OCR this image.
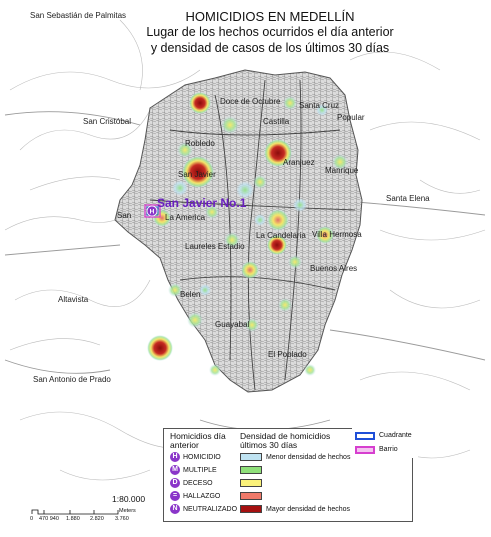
H
HOMICIDIOS EN MEDELLÍN
Lugar de los hechos ocurridos el día anterior
y densidad de casos de los últimos 30 días
San Sebastián de Palmitas
San Cristóbal
Doce de Octubre Santa Cruz
Popular
Castilla
Robledo
Aranjuez
Manrique
San Javier
Santa Elena
San Javier No.1
San	La America
La Candelaria Villa Hermosa
Laureles Estadio
Buenos Aires
Altavista
Belen
Guayabal
El Poblado
San Antonio de Prado
Homicidios día anterior
H HOMICIDIO
M MULTIPLE
D DECESO
= HALLAZGO
N NEUTRALIZADO
Densidad de homicidios últimos 30 días
Menor densidad de hechos
Mayor densidad de hechos
Cuadrante
Barrio
1:80.000
0 470 940 1.880 2.820 3.760
Meters
